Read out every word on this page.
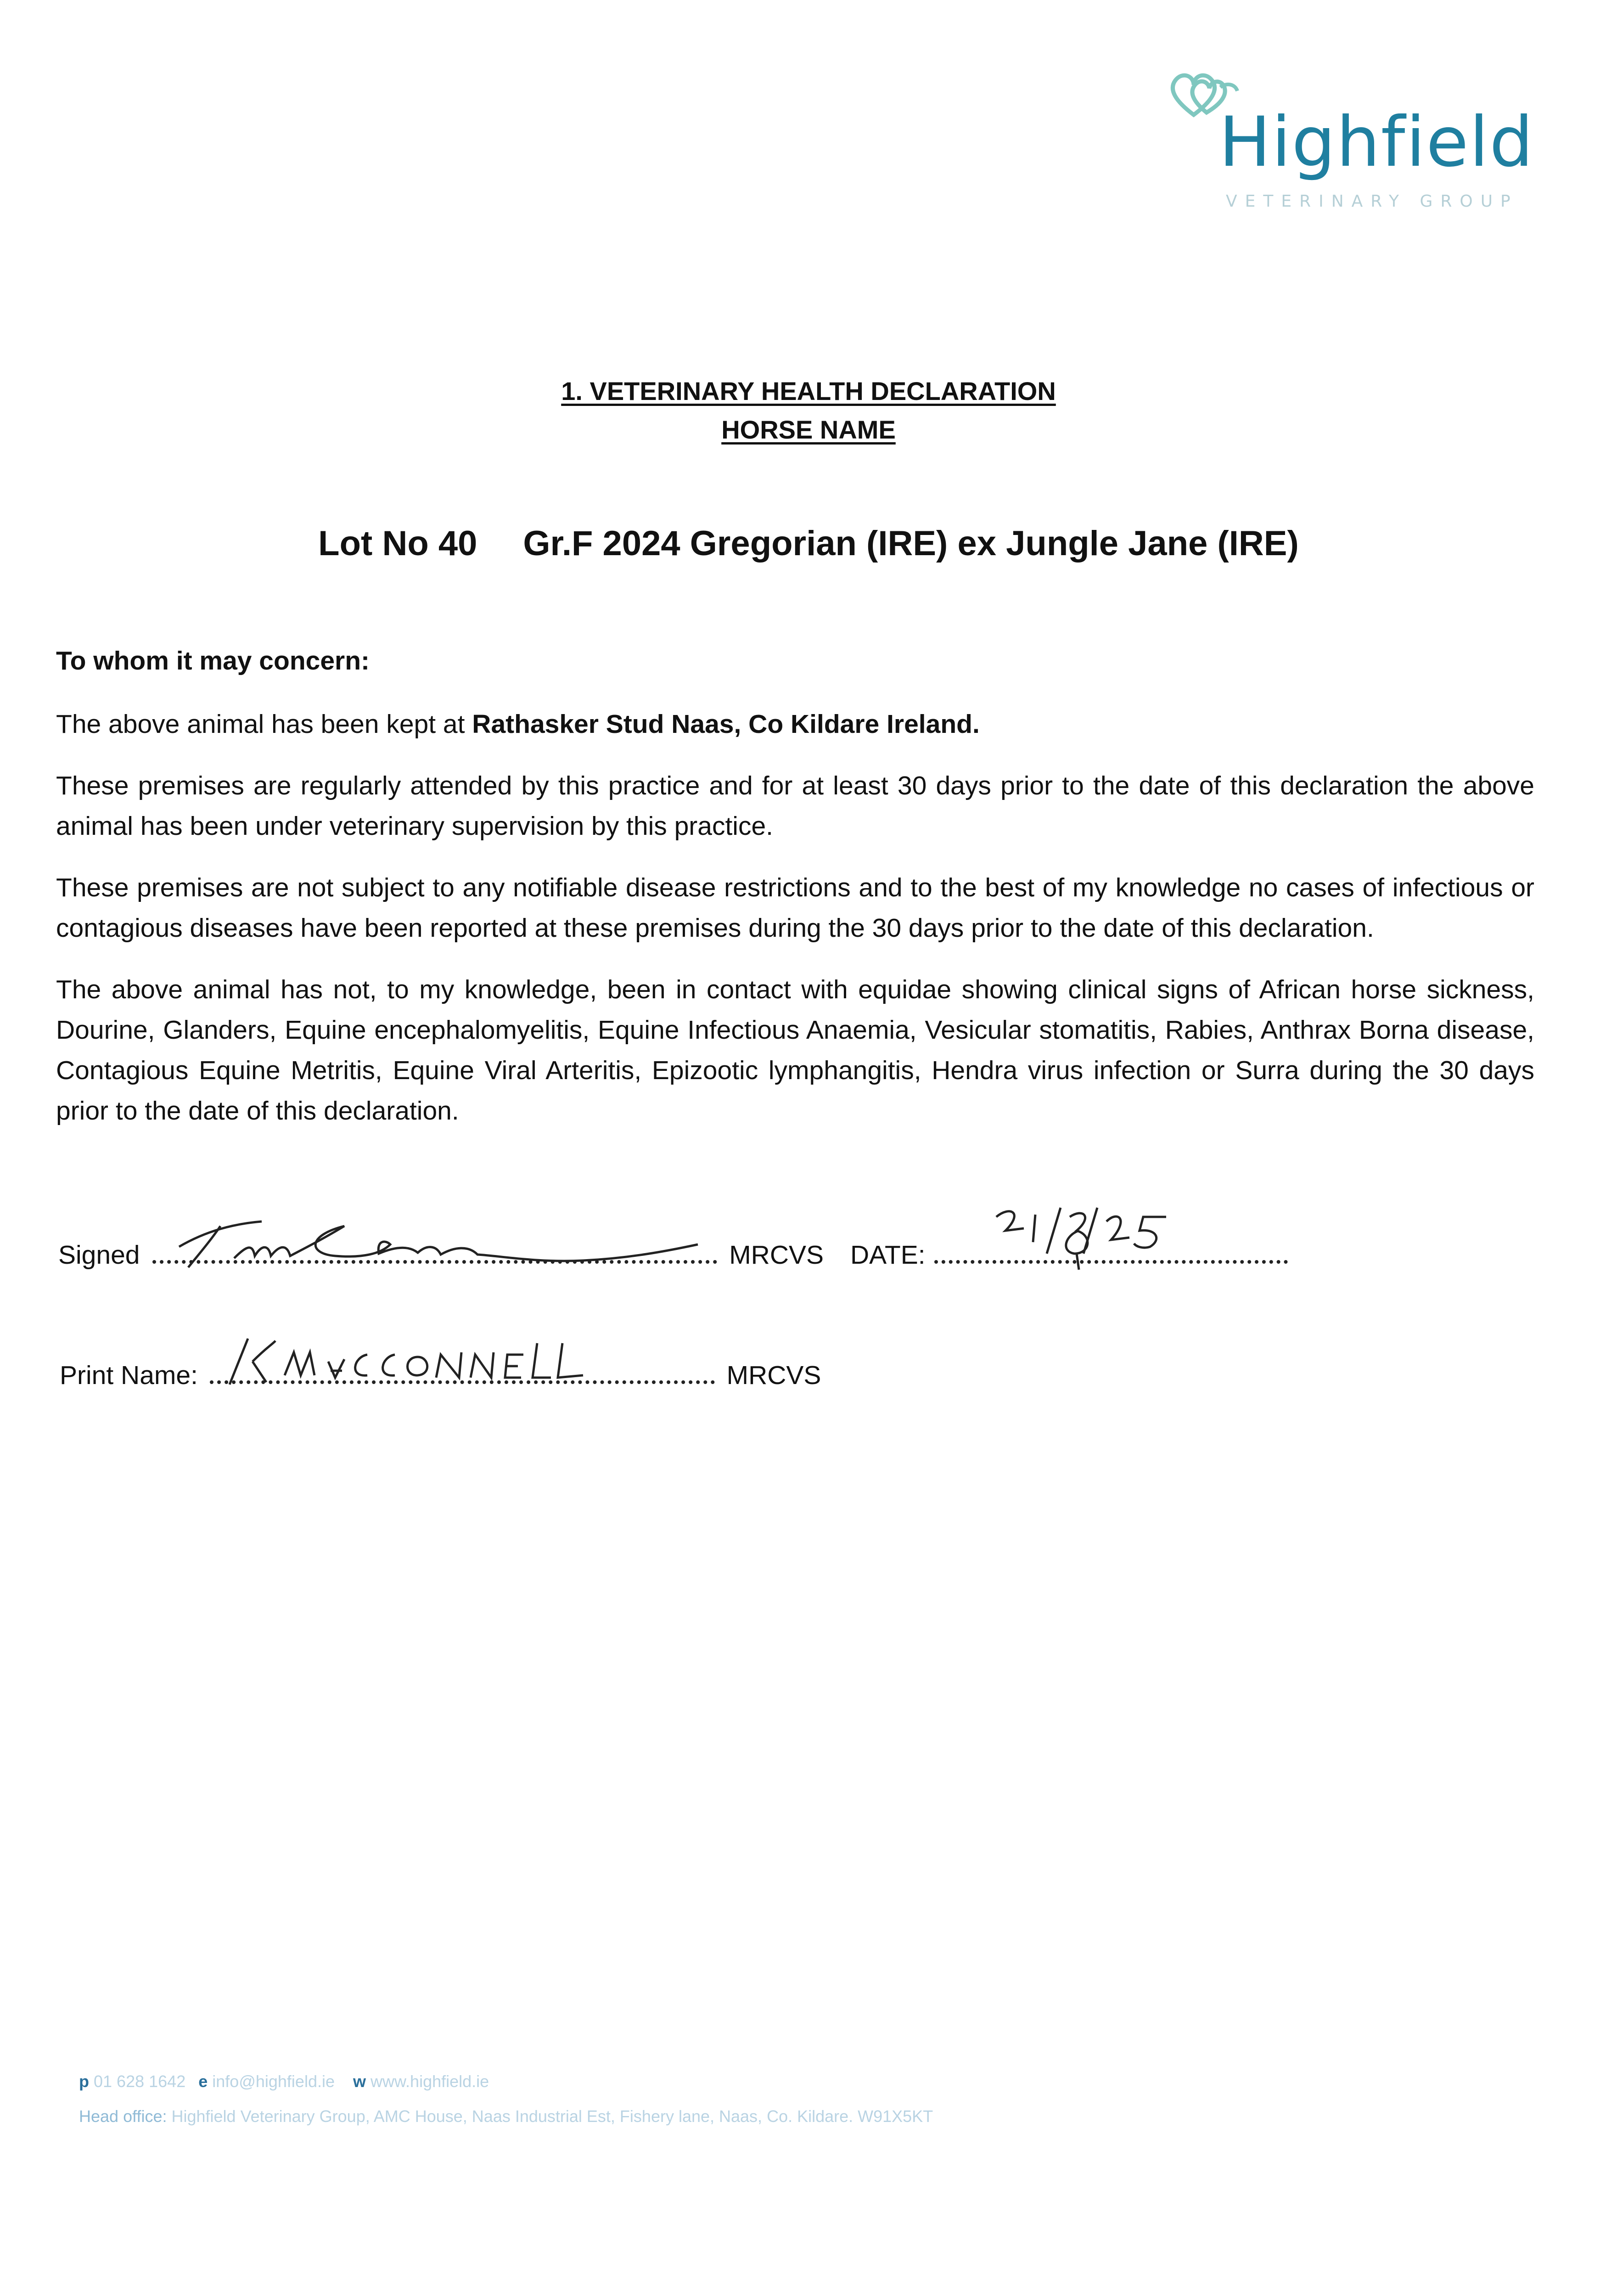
Highfield
VETERINARY GROUP
1. VETERINARY HEALTH DECLARATION
HORSE NAME
Lot No 40 Gr.F 2024 Gregorian (IRE) ex Jungle Jane (IRE)

To whom it may concern:

The above animal has been kept at Rathasker Stud Naas, Co Kildare Ireland.

These premises are regularly attended by this practice and for at least 30 days prior to the date of this declaration the above animal has been under veterinary supervision by this practice.

These premises are not subject to any notifiable disease restrictions and to the best of my knowledge no cases of infectious or contagious diseases have been reported at these premises during the 30 days prior to the date of this declaration.

The above animal has not, to my knowledge, been in contact with equidae showing clinical signs of African horse sickness, Dourine, Glanders, Equine encephalomyelitis, Equine Infectious Anaemia, Vesicular stomatitis, Rabies, Anthrax Borna disease, Contagious Equine Metritis, Equine Viral Arteritis, Epizootic lymphangitis, Hendra virus infection or Surra during the 30 days prior to the date of this declaration.

Signed	MRCVS DATE:
Print Name:	MRCVS
p 01 628 1642 e info@highfield.ie w www.highfield.ie
Head office: Highfield Veterinary Group, AMC House, Naas Industrial Est, Fishery lane, Naas, Co. Kildare. W91X5KT
